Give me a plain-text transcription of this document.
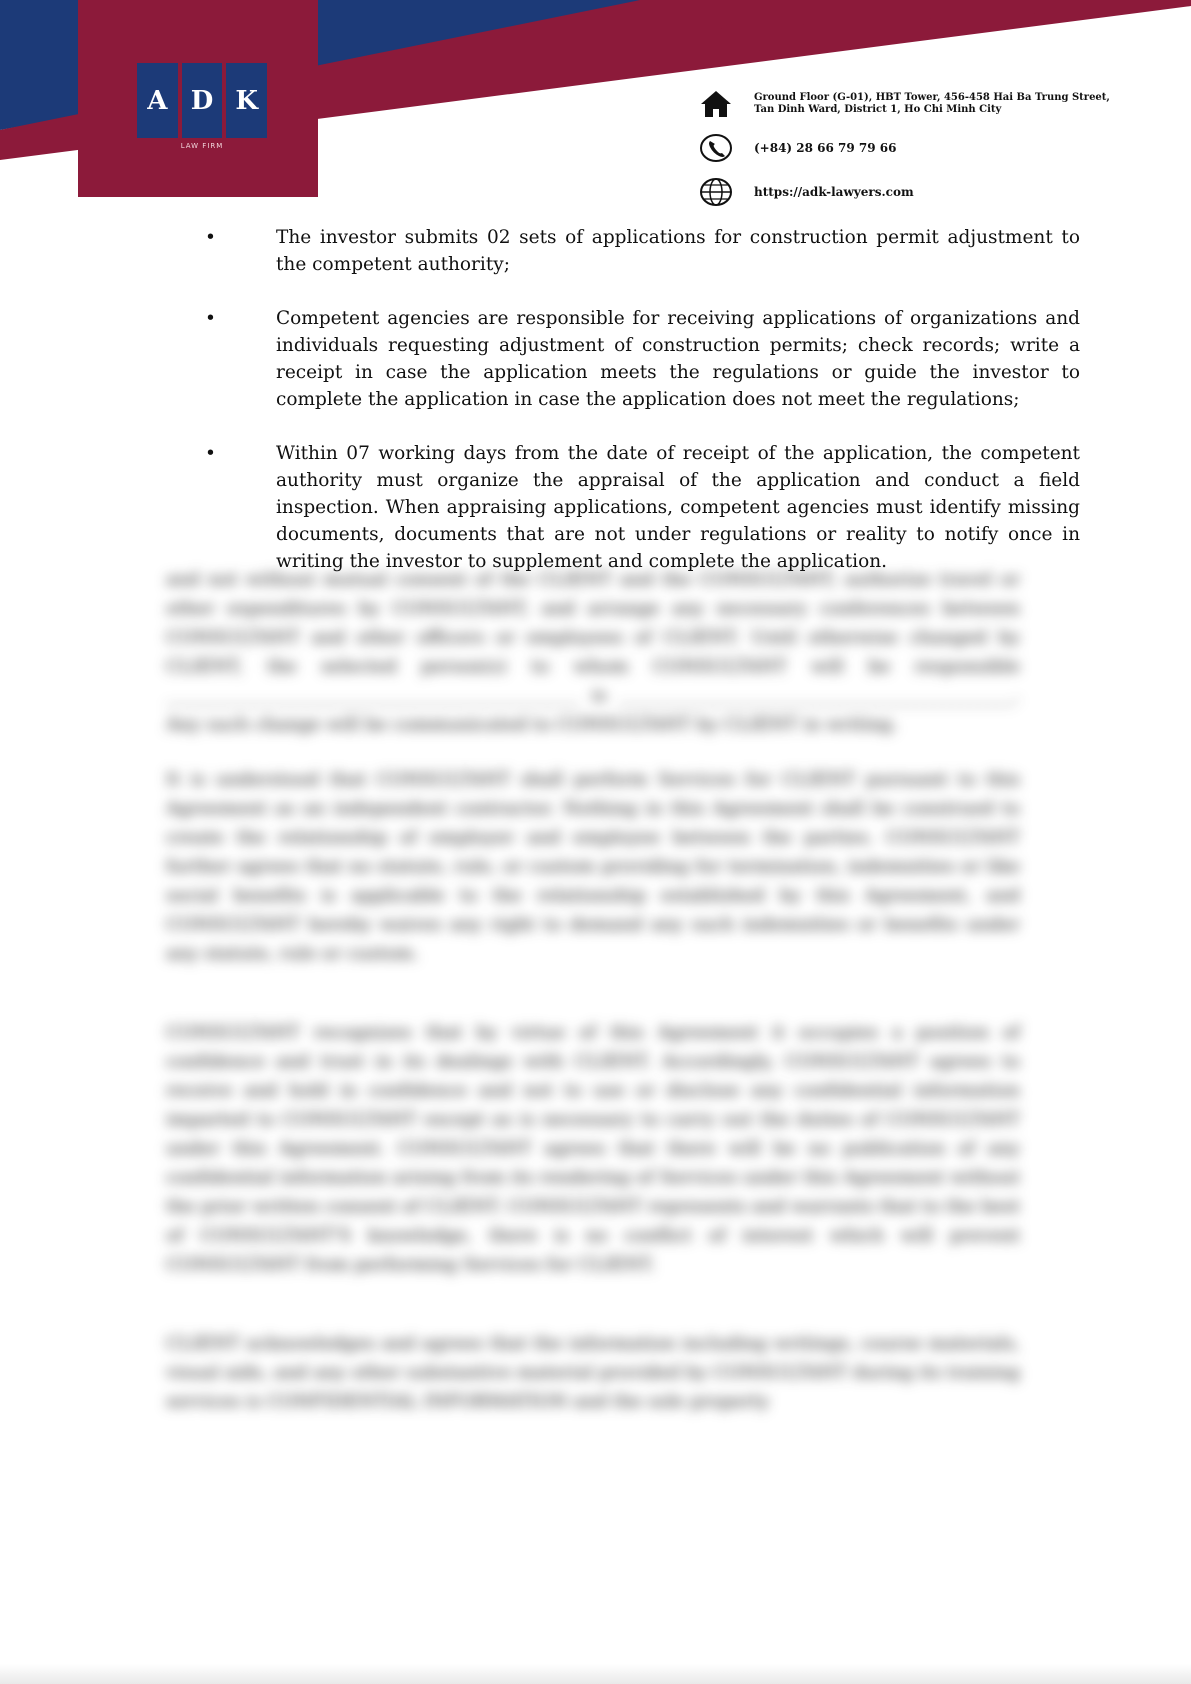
A D K
LAW FIRM
Ground Floor (G-01), HBT Tower, 456-458 Hai Ba Trung Street,
Tan Dinh Ward, District 1, Ho Chi Minh City
(+84) 28 66 79 79 66
https://adk-lawyers.com
•	The investor submits 02 sets of applications for construction permit adjustment to the competent authority;
•	Competent agencies are responsible for receiving applications of organizations and individuals requesting adjustment of construction permits; check records; write a receipt in case the application meets the regulations or guide the investor to complete the application in case the application does not meet the regulations;
•	Within 07 working days from the date of receipt of the application, the competent authority must organize the appraisal of the application and conduct a field inspection. When appraising applications, competent agencies must identify missing documents, documents that are not under regulations or reality to notify once in writing the investor to supplement and complete the application.

and not without mutual consent of the CLIENT and the CONSULTANT, authorize travel or other expenditures by CONSULTANT, and arrange any necessary conferences between CONSULTANT and other officers or employees of CLIENT. Until otherwise changed by CLIENT, the selected person(s) to whom CONSULTANT will be responsible ______________________________________________ is ____________________________________________. Any such change will be communicated to CONSULTANT by CLIENT in writing.

It is understood that CONSULTANT shall perform Services for CLIENT pursuant to this Agreement as an independent contractor. Nothing in this Agreement shall be construed to create the relationship of employer and employee between the parties. CONSULTANT further agrees that no statute, rule, or custom providing for termination, indemnities or like social benefits is applicable to the relationship established by this Agreement, and CONSULTANT hereby waives any right to demand any such indemnities or benefits under any statute, rule or custom.

CONSULTANT recognizes that by virtue of this Agreement it occupies a position of confidence and trust in its dealings with CLIENT. Accordingly, CONSULTANT agrees to receive and hold in confidence and not to use or disclose any confidential information imparted to CONSULTANT except as is necessary to carry out the duties of CONSULTANT under this Agreement. CONSULTANT agrees that there will be no publication of any confidential information arising from its rendering of Services under this Agreement without the prior written consent of CLIENT. CONSULTANT represents and warrants that to the best of CONSULTANT'S knowledge, there is no conflict of interest which will prevent CONSULTANT from performing Services for CLIENT.

CLIENT acknowledges and agrees that the information including writings, course materials, visual aids, and any other substantive material provided by CONSULTANT during its training services is CONFIDENTIAL INFORMATION and the sole property
